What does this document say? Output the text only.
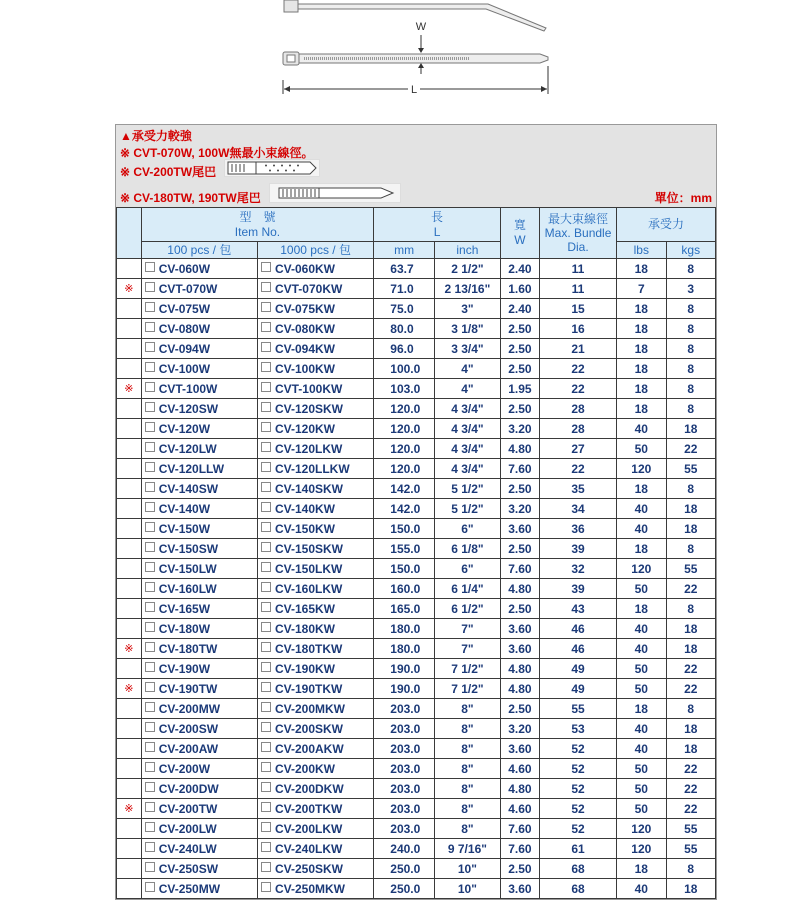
W
L
▲承受力較強
※ CVT-070W, 100W無最小束線徑。
※ CV-200TW尾巴
※ CV-180TW, 190TW尾巴	單位：mm
	型　號
Item No.		長
L		寬
W	最大束線徑
Max. Bundle
Dia.	承受力	
	100 pcs / 包	1000 pcs / 包	mm	inch			lbs	kgs
	CV-060W	CV-060KW	63.7	2 1/2"	2.40	11	18	8
※	CVT-070W	CVT-070KW	71.0	2 13/16"	1.60	11	7	3
	CV-075W	CV-075KW	75.0	3"	2.40	15	18	8
	CV-080W	CV-080KW	80.0	3 1/8"	2.50	16	18	8
	CV-094W	CV-094KW	96.0	3 3/4"	2.50	21	18	8
	CV-100W	CV-100KW	100.0	4"	2.50	22	18	8
※	CVT-100W	CVT-100KW	103.0	4"	1.95	22	18	8
	CV-120SW	CV-120SKW	120.0	4 3/4"	2.50	28	18	8
	CV-120W	CV-120KW	120.0	4 3/4"	3.20	28	40	18
	CV-120LW	CV-120LKW	120.0	4 3/4"	4.80	27	50	22
	CV-120LLW	CV-120LLKW	120.0	4 3/4"	7.60	22	120	55
	CV-140SW	CV-140SKW	142.0	5 1/2"	2.50	35	18	8
	CV-140W	CV-140KW	142.0	5 1/2"	3.20	34	40	18
	CV-150W	CV-150KW	150.0	6"	3.60	36	40	18
	CV-150SW	CV-150SKW	155.0	6 1/8"	2.50	39	18	8
	CV-150LW	CV-150LKW	150.0	6"	7.60	32	120	55
	CV-160LW	CV-160LKW	160.0	6 1/4"	4.80	39	50	22
	CV-165W	CV-165KW	165.0	6 1/2"	2.50	43	18	8
	CV-180W	CV-180KW	180.0	7"	3.60	46	40	18
※	CV-180TW	CV-180TKW	180.0	7"	3.60	46	40	18
	CV-190W	CV-190KW	190.0	7 1/2"	4.80	49	50	22
※	CV-190TW	CV-190TKW	190.0	7 1/2"	4.80	49	50	22
	CV-200MW	CV-200MKW	203.0	8"	2.50	55	18	8
	CV-200SW	CV-200SKW	203.0	8"	3.20	53	40	18
	CV-200AW	CV-200AKW	203.0	8"	3.60	52	40	18
	CV-200W	CV-200KW	203.0	8"	4.60	52	50	22
	CV-200DW	CV-200DKW	203.0	8"	4.80	52	50	22
※	CV-200TW	CV-200TKW	203.0	8"	4.60	52	50	22
	CV-200LW	CV-200LKW	203.0	8"	7.60	52	120	55
	CV-240LW	CV-240LKW	240.0	9 7/16"	7.60	61	120	55
	CV-250SW	CV-250SKW	250.0	10"	2.50	68	18	8
	CV-250MW	CV-250MKW	250.0	10"	3.60	68	40	18
